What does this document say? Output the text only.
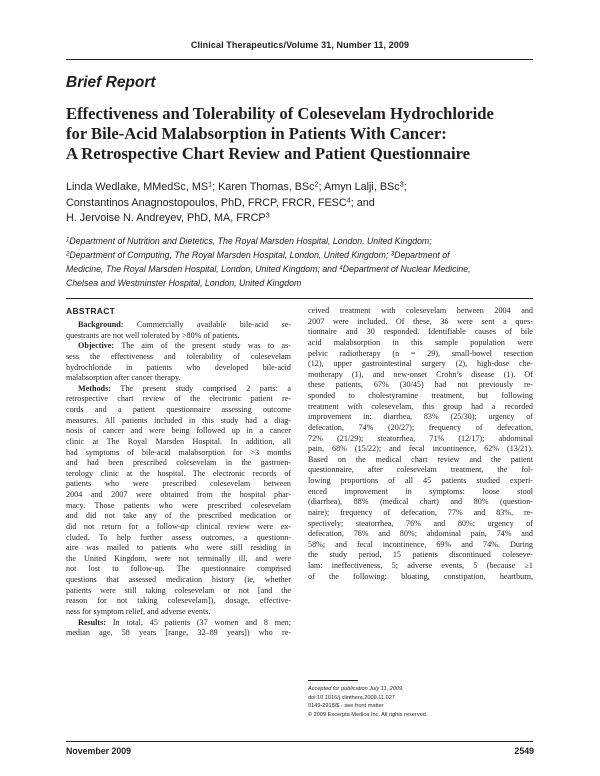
Clinical Therapeutics/Volume 31, Number 11, 2009
Brief Report
Effectiveness and Tolerability of Colesevelam Hydrochloride
for Bile-Acid Malabsorption in Patients With Cancer:
A Retrospective Chart Review and Patient Questionnaire
Linda Wedlake, MMedSc, $MS^1$; Karen Thomas, BSc$^2$; Amyn Lalji, BSc$^3$;
Constantinos Anagnostopoulos, PhD, FRCP, FRCR, FESC$^4$; and
H. Jervoise N. Andreyev, PhD, MA, FRCP$^3$
$^1$Department of Nutrition and Dietetics, The Royal Marsden Hospital, London, United Kingdom;
$^2$Department of Computing, The Royal Marsden Hospital, London, United Kingdom; $^3$Department of
Medicine, The Royal Marsden Hospital, London, United Kingdom; and $^4$Department of Nuclear Medicine,
Chelsea and Westminster Hospital, London, United Kingdom
ABSTRACT
Background: Commercially available bile-acid se-
questrants are not well tolerated by >80% of patients.
Objective: The aim of the present study was to as-
sess the effectiveness and tolerability of colesevelam
hydrochloride in patients who developed bile-acid
malabsorption after cancer therapy.
Methods: The present study comprised 2 parts: a
retrospective chart review of the electronic patient re-
cords and a patient questionnaire assessing outcome
measures. All patients included in this study had a diag-
nosis of cancer and were being followed up in a cancer
clinic at The Royal Marsden Hospital. In addition, all
had symptoms of bile-acid malabsorption for >3 months
and had been prescribed colesevelam in the gastroen-
terology clinic at the hospital. The electronic records of
patients who were prescribed colesevelam between
2004 and 2007 were obtained from the hospital phar-
macy. Those patients who were prescribed colesevelam
and did not take any of the prescribed medication or
did not return for a follow-up clinical review were ex-
cluded. To help further assess outcomes, a questionn-
aire was mailed to patients who were still residing in
the United Kingdom, were not terminally ill, and were
not lost to follow-up. The questionnaire comprised
questions that assessed medication history (ie, whether
patients were still taking colesevelam or not [and the
reason for not taking colesevelam]), dosage, effective-
ness for symptom relief, and adverse events.
Results: In total, 45 patients (37 women and 8 men;
median age, 58 years [range, 32–89 years]) who re-
ceived treatment with colesevelam between 2004 and
2007 were included. Of these, 36 were sent a ques-
tionnaire and 30 responded. Identifiable causes of bile
acid malabsorption in this sample population were
pelvic radiotherapy (n = 29), small-bowel resection
(12), upper gastrointestinal surgery (2), high-dose che-
motherapy (1), and new-onset Crohn’s disease (1). Of
these patients, 67% (30/45) had not previously re-
sponded to cholestyramine treatment, but following
treatment with colesevelam, this group had a recorded
improvement in: diarrhea, 83% (25/30); urgency of
defecation, 74% (20/27); frequency of defecation,
72% (21/29); steatorrhea, 71% (12/17); abdominal
pain, 68% (15/22); and fecal incontinence, 62% (13/21).
Based on the medical chart review and the patient
questionnaire, after colesevelam treatment, the fol-
lowing proportions of all 45 patients studied experi-
enced improvement in symptoms: loose stool
(diarrhea), 88% (medical chart) and 80% (question-
naire); frequency of defecation, 77% and 83%, re-
spectively; steatorrhea, 76% and 80%; urgency of
defecation, 76% and 80%; abdominal pain, 74% and
58%; and fecal incontinence, 69% and 74%. During
the study period, 15 patients discontinued coleseve-
lam: ineffectiveness, 5; adverse events, 5 (because ≥1
of the following: bloating, constipation, heartburn,
Accepted for publication July 11, 2009.
doi:10.1016/j.clinthera.2009.11.027
0149-2918/$ - see front matter
© 2009 Excerpta Medica Inc. All rights reserved.
November 2009	2549
